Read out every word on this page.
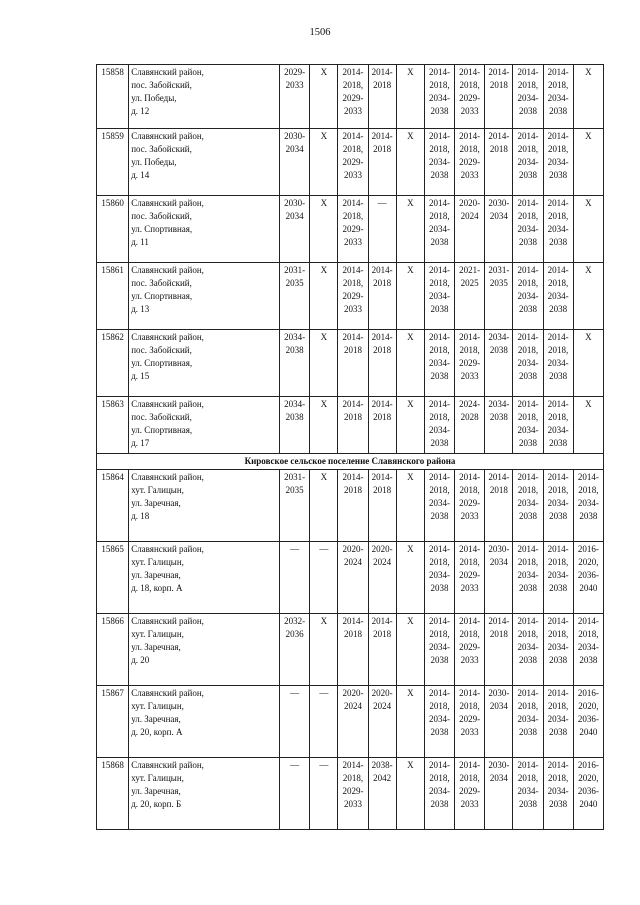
1506
15858	Славянский район,
пос. Забойский,
ул. Победы,
д. 12	2029-
2033	Х	2014-
2018,
2029-
2033	2014-
2018	Х	2014-
2018,
2034-
2038	2014-
2018,
2029-
2033	2014-
2018	2014-
2018,
2034-
2038	2014-
2018,
2034-
2038	Х

15859	Славянский район,
пос. Забойский,
ул. Победы,
д. 14	2030-
2034	Х	2014-
2018,
2029-
2033	2014-
2018	Х	2014-
2018,
2034-
2038	2014-
2018,
2029-
2033	2014-
2018	2014-
2018,
2034-
2038	2014-
2018,
2034-
2038	Х

15860	Славянский район,
пос. Забойский,
ул. Спортивная,
д. 11	2030-
2034	Х	2014-
2018,
2029-
2033	—	Х	2014-
2018,
2034-
2038	2020-
2024	2030-
2034	2014-
2018,
2034-
2038	2014-
2018,
2034-
2038	Х

15861	Славянский район,
пос. Забойский,
ул. Спортивная,
д. 13	2031-
2035	Х	2014-
2018,
2029-
2033	2014-
2018	Х	2014-
2018,
2034-
2038	2021-
2025	2031-
2035	2014-
2018,
2034-
2038	2014-
2018,
2034-
2038	Х

15862	Славянский район,
пос. Забойский,
ул. Спортивная,
д. 15	2034-
2038	Х	2014-
2018	2014-
2018	Х	2014-
2018,
2034-
2038	2014-
2018,
2029-
2033	2034-
2038	2014-
2018,
2034-
2038	2014-
2018,
2034-
2038	Х

15863	Славянский район,
пос. Забойский,
ул. Спортивная,
д. 17	2034-
2038	Х	2014-
2018	2014-
2018	Х	2014-
2018,
2034-
2038	2024-
2028	2034-
2038	2014-
2018,
2034-
2038	2014-
2018,
2034-
2038	Х

Кировское сельское поселение Славянского района												
15864	Славянский район,
хут. Галицын,
ул. Заречная,
д. 18	2031-
2035	Х	2014-
2018	2014-
2018	Х	2014-
2018,
2034-
2038	2014-
2018,
2029-
2033	2014-
2018	2014-
2018,
2034-
2038	2014-
2018,
2034-
2038	2014-
2018,
2034-
2038

15865	Славянский район,
хут. Галицын,
ул. Заречная,
д. 18, корп. А	—	—	2020-
2024	2020-
2024	Х	2014-
2018,
2034-
2038	2014-
2018,
2029-
2033	2030-
2034	2014-
2018,
2034-
2038	2014-
2018,
2034-
2038	2016-
2020,
2036-
2040

15866	Славянский район,
хут. Галицын,
ул. Заречная,
д. 20	2032-
2036	Х	2014-
2018	2014-
2018	Х	2014-
2018,
2034-
2038	2014-
2018,
2029-
2033	2014-
2018	2014-
2018,
2034-
2038	2014-
2018,
2034-
2038	2014-
2018,
2034-
2038

15867	Славянский район,
хут. Галицын,
ул. Заречная,
д. 20, корп. А	—	—	2020-
2024	2020-
2024	Х	2014-
2018,
2034-
2038	2014-
2018,
2029-
2033	2030-
2034	2014-
2018,
2034-
2038	2014-
2018,
2034-
2038	2016-
2020,
2036-
2040

15868	Славянский район,
хут. Галицын,
ул. Заречная,
д. 20, корп. Б	—	—	2014-
2018,
2029-
2033	2038-
2042	Х	2014-
2018,
2034-
2038	2014-
2018,
2029-
2033	2030-
2034	2014-
2018,
2034-
2038	2014-
2018,
2034-
2038	2016-
2020,
2036-
2040
